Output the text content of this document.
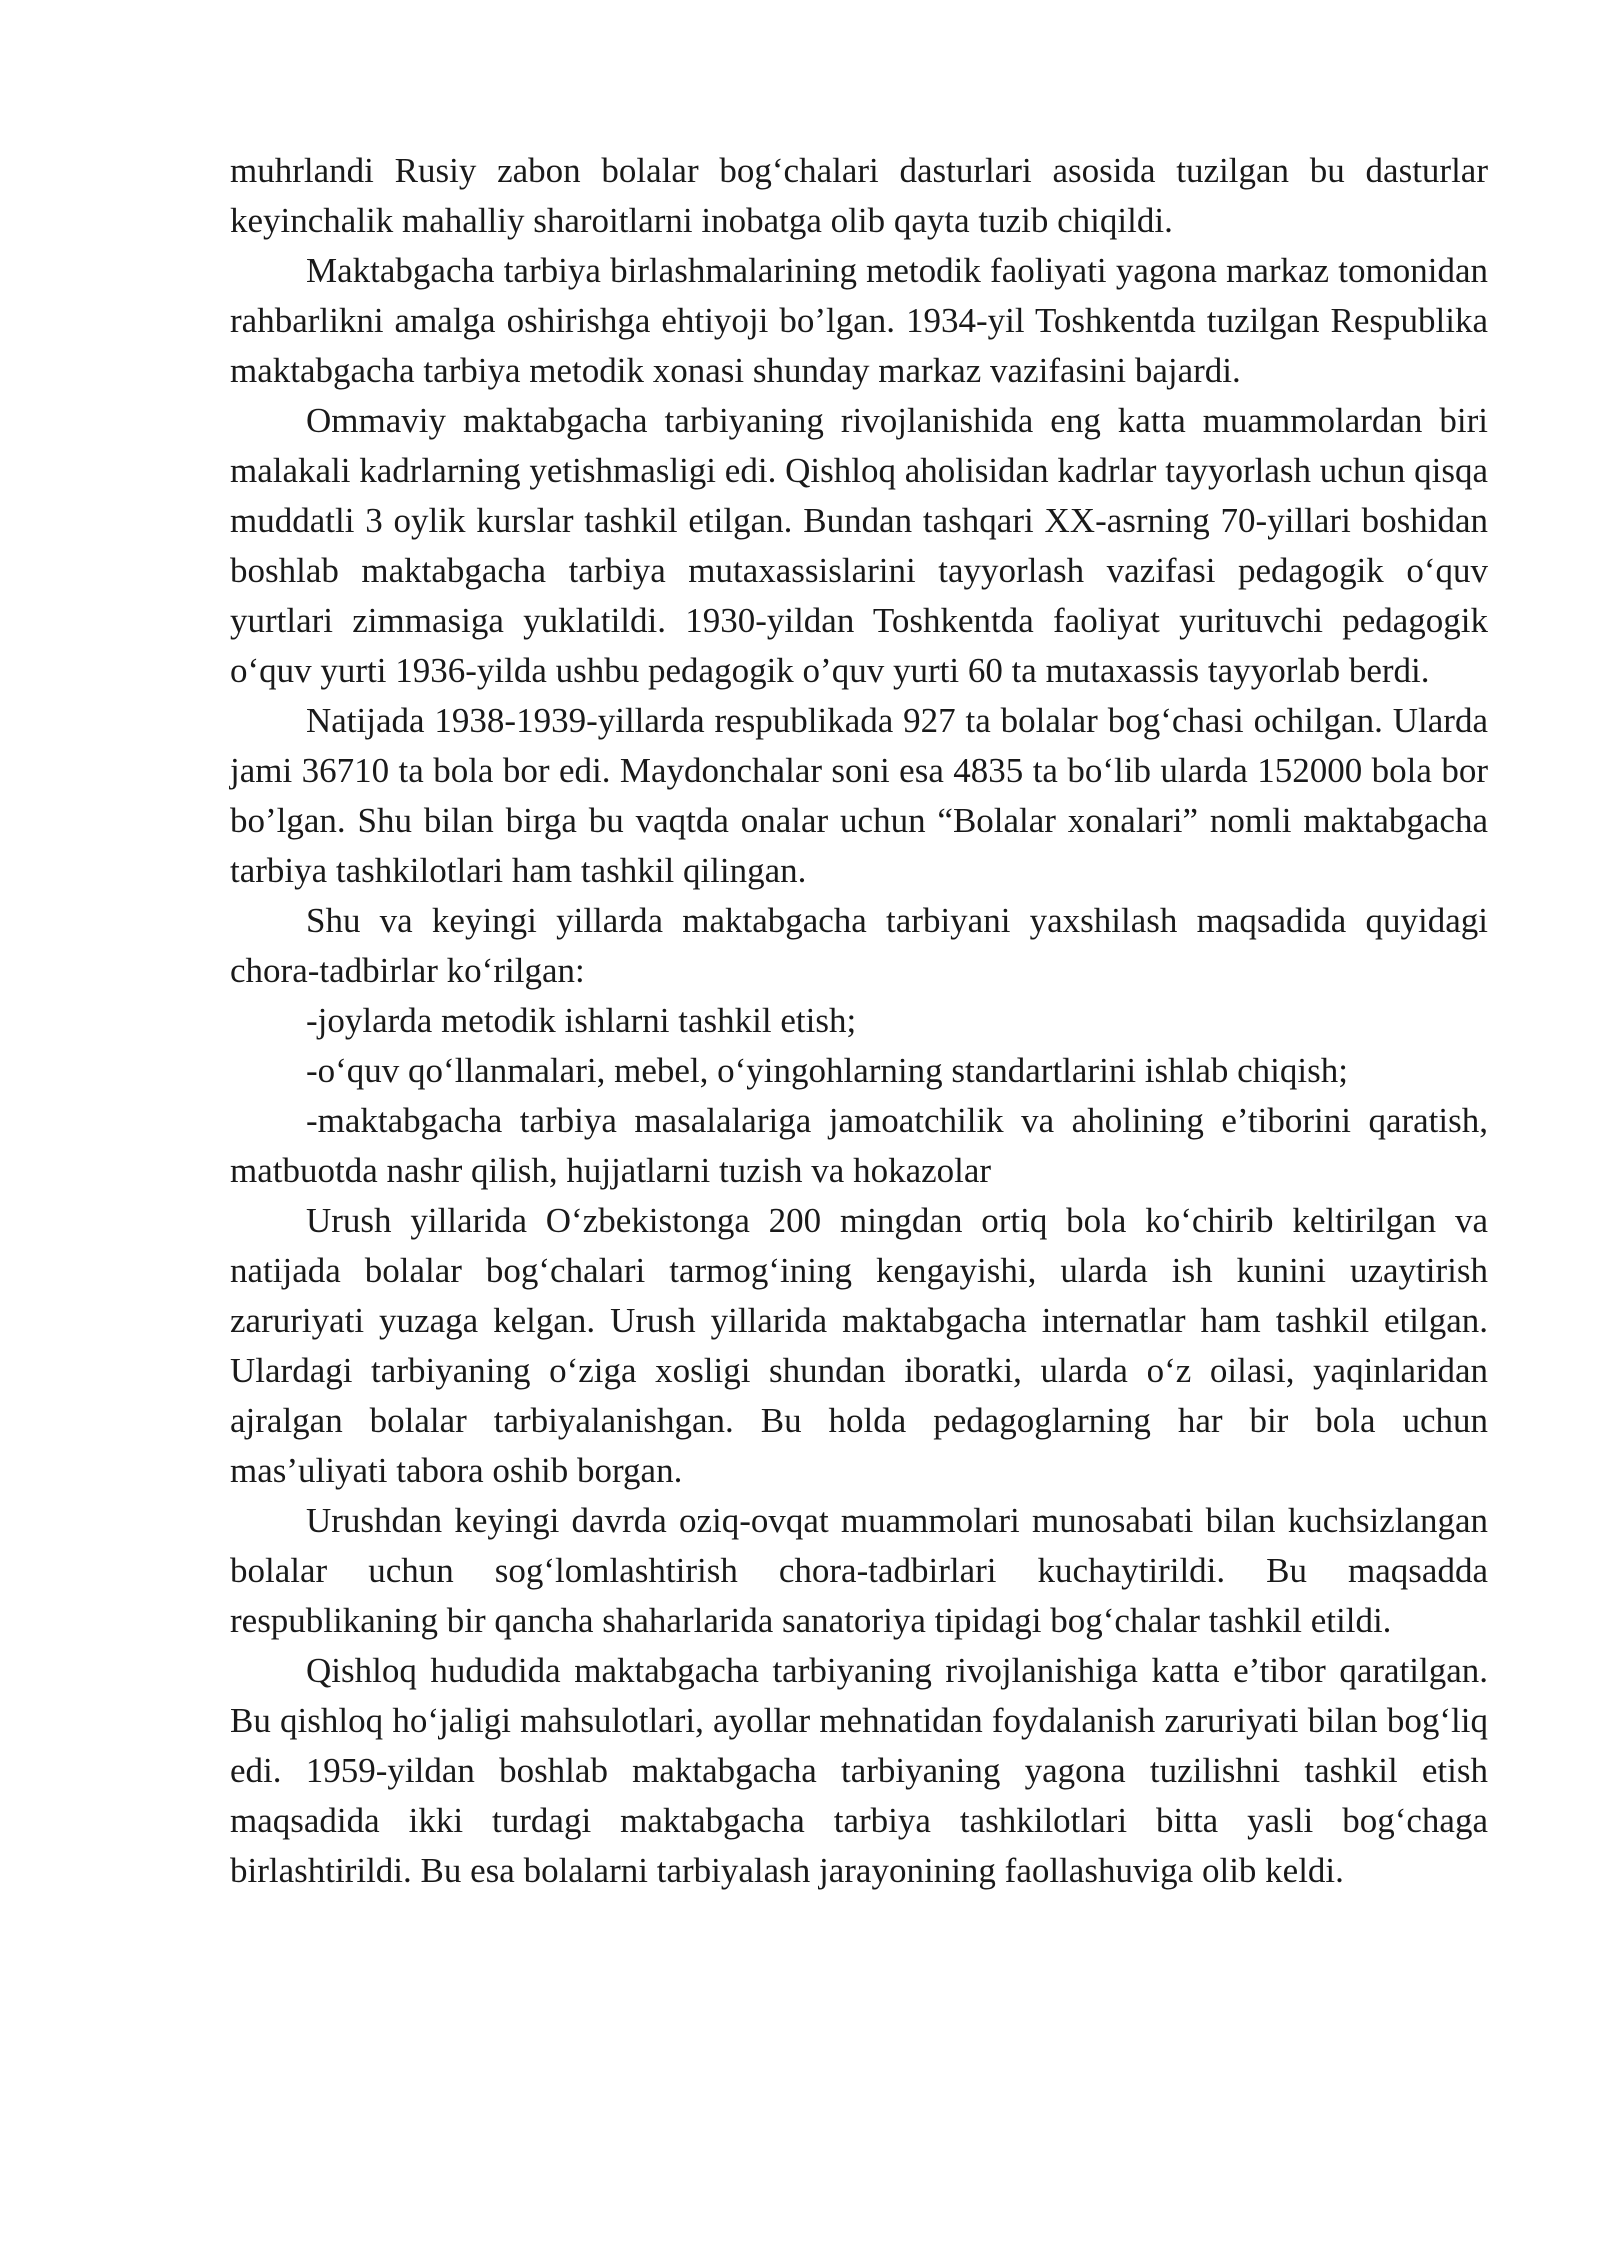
muhrlandi Rusiy zabon bolalar bog‘chalari dasturlari asosida tuzilgan bu dasturlar keyinchalik mahalliy sharoitlarni inobatga olib qayta tuzib chiqildi.

Maktabgacha tarbiya birlashmalarining metodik faoliyati yagona markaz tomonidan rahbarlikni amalga oshirishga ehtiyoji bo’lgan. 1934-yil Toshkentda tuzilgan Respublika maktabgacha tarbiya metodik xonasi shunday markaz vazifasini bajardi.

Ommaviy maktabgacha tarbiyaning rivojlanishida eng katta muammolardan biri malakali kadrlarning yetishmasligi edi. Qishloq aholisidan kadrlar tayyorlash uchun qisqa muddatli 3 oylik kurslar tashkil etilgan. Bundan tashqari XX-asrning 70-yillari boshidan boshlab maktabgacha tarbiya mutaxassislarini tayyorlash vazifasi pedagogik o‘quv yurtlari zimmasiga yuklatildi. 1930-yildan Toshkentda faoliyat yurituvchi pedagogik o‘quv yurti 1936-yilda ushbu pedagogik o’quv yurti 60 ta mutaxassis tayyorlab berdi.

Natijada 1938-1939-yillarda respublikada 927 ta bolalar bog‘chasi ochilgan. Ularda jami 36710 ta bola bor edi. Maydonchalar soni esa 4835 ta bo‘lib ularda 152000 bola bor bo’lgan. Shu bilan birga bu vaqtda onalar uchun “Bolalar xonalari” nomli maktabgacha tarbiya tashkilotlari ham tashkil qilingan.

Shu va keyingi yillarda maktabgacha tarbiyani yaxshilash maqsadida quyidagi chora-tadbirlar ko‘rilgan:

-joylarda metodik ishlarni tashkil etish;

-o‘quv qo‘llanmalari, mebel, o‘yingohlarning standartlarini ishlab chiqish;

-maktabgacha tarbiya masalalariga jamoatchilik va aholining e’tiborini qaratish, matbuotda nashr qilish, hujjatlarni tuzish va hokazolar

Urush yillarida O‘zbekistonga 200 mingdan ortiq bola ko‘chirib keltirilgan va natijada bolalar bog‘chalari tarmog‘ining kengayishi, ularda ish kunini uzaytirish zaruriyati yuzaga kelgan. Urush yillarida maktabgacha internatlar ham tashkil etilgan. Ulardagi tarbiyaning o‘ziga xosligi shundan iboratki, ularda o‘z oilasi, yaqinlaridan ajralgan bolalar tarbiyalanishgan. Bu holda pedagoglarning har bir bola uchun mas’uliyati tabora oshib borgan.

Urushdan keyingi davrda oziq-ovqat muammolari munosabati bilan kuchsizlangan bolalar uchun sog‘lomlashtirish chora-tadbirlari kuchaytirildi. Bu maqsadda respublikaning bir qancha shaharlarida sanatoriya tipidagi bog‘chalar tashkil etildi.

Qishloq hududida maktabgacha tarbiyaning rivojlanishiga katta e’tibor qaratilgan. Bu qishloq ho‘jaligi mahsulotlari, ayollar mehnatidan foydalanish zaruriyati bilan bog‘liq edi. 1959-yildan boshlab maktabgacha tarbiyaning yagona tuzilishni tashkil etish maqsadida ikki turdagi maktabgacha tarbiya tashkilotlari bitta yasli bog‘chaga birlashtirildi. Bu esa bolalarni tarbiyalash jarayonining faollashuviga olib keldi.
